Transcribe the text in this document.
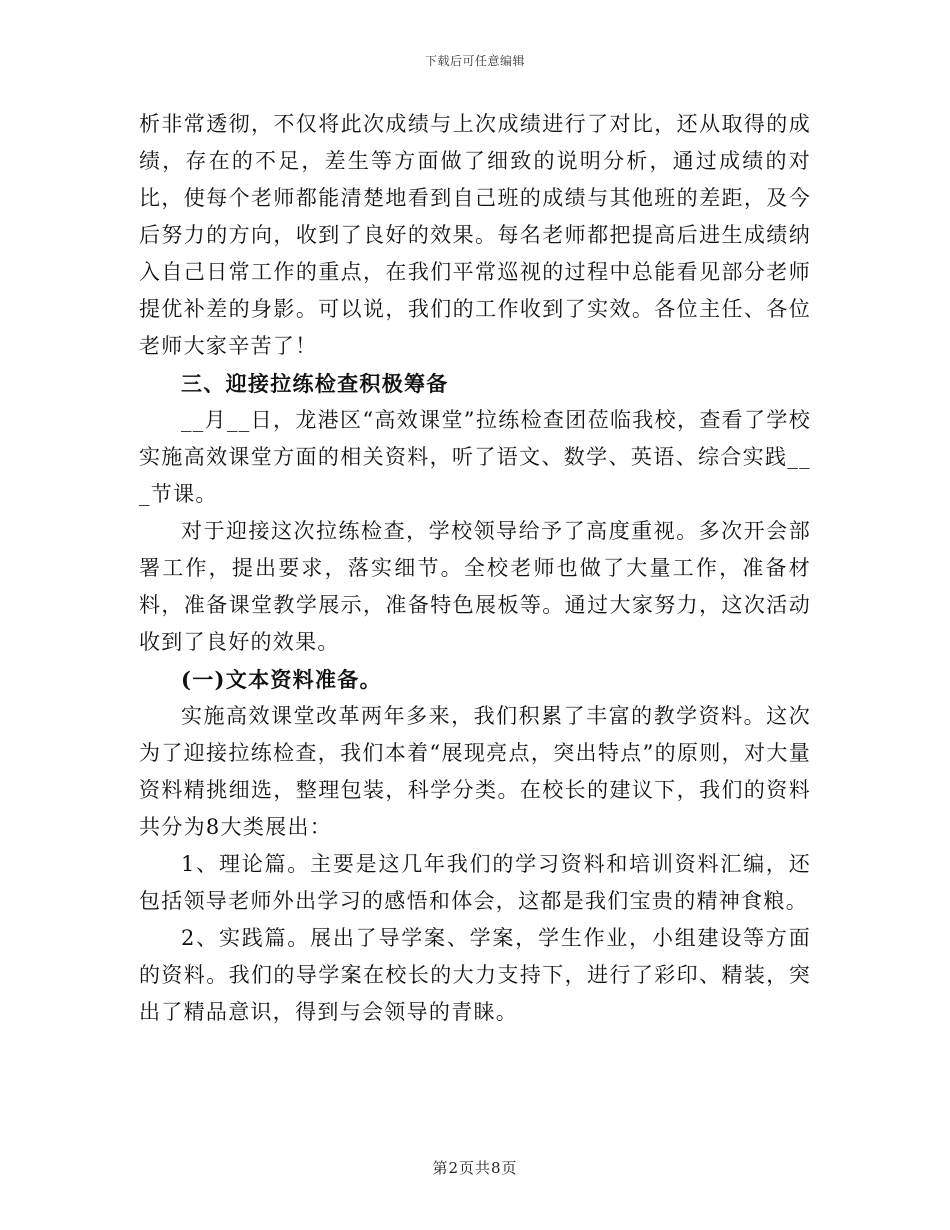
下载后可任意编辑

析非常透彻，不仅将此次成绩与上次成绩进行了对比，还从取得的成绩，存在的不足，差生等方面做了细致的说明分析，通过成绩的对比，使每个老师都能清楚地看到自己班的成绩与其他班的差距，及今后努力的方向，收到了良好的效果。每名老师都把提高后进生成绩纳入自己日常工作的重点，在我们平常巡视的过程中总能看见部分老师提优补差的身影。可以说，我们的工作收到了实效。各位主任、各位老师大家辛苦了！

三、迎接拉练检查积极筹备

__月__日，龙港区“高效课堂”拉练检查团莅临我校，查看了学校实施高效课堂方面的相关资料，听了语文、数学、英语、综合实践___节课。

对于迎接这次拉练检查，学校领导给予了高度重视。多次开会部署工作，提出要求，落实细节。全校老师也做了大量工作，准备材料，准备课堂教学展示，准备特色展板等。通过大家努力，这次活动收到了良好的效果。

(一)文本资料准备。

实施高效课堂改革两年多来，我们积累了丰富的教学资料。这次为了迎接拉练检查，我们本着“展现亮点，突出特点”的原则，对大量资料精挑细选，整理包装，科学分类。在校长的建议下，我们的资料共分为8大类展出：

1、理论篇。主要是这几年我们的学习资料和培训资料汇编，还包括领导老师外出学习的感悟和体会，这都是我们宝贵的精神食粮。

2、实践篇。展出了导学案、学案，学生作业，小组建设等方面的资料。我们的导学案在校长的大力支持下，进行了彩印、精装，突出了精品意识，得到与会领导的青睐。

第2页共8页
